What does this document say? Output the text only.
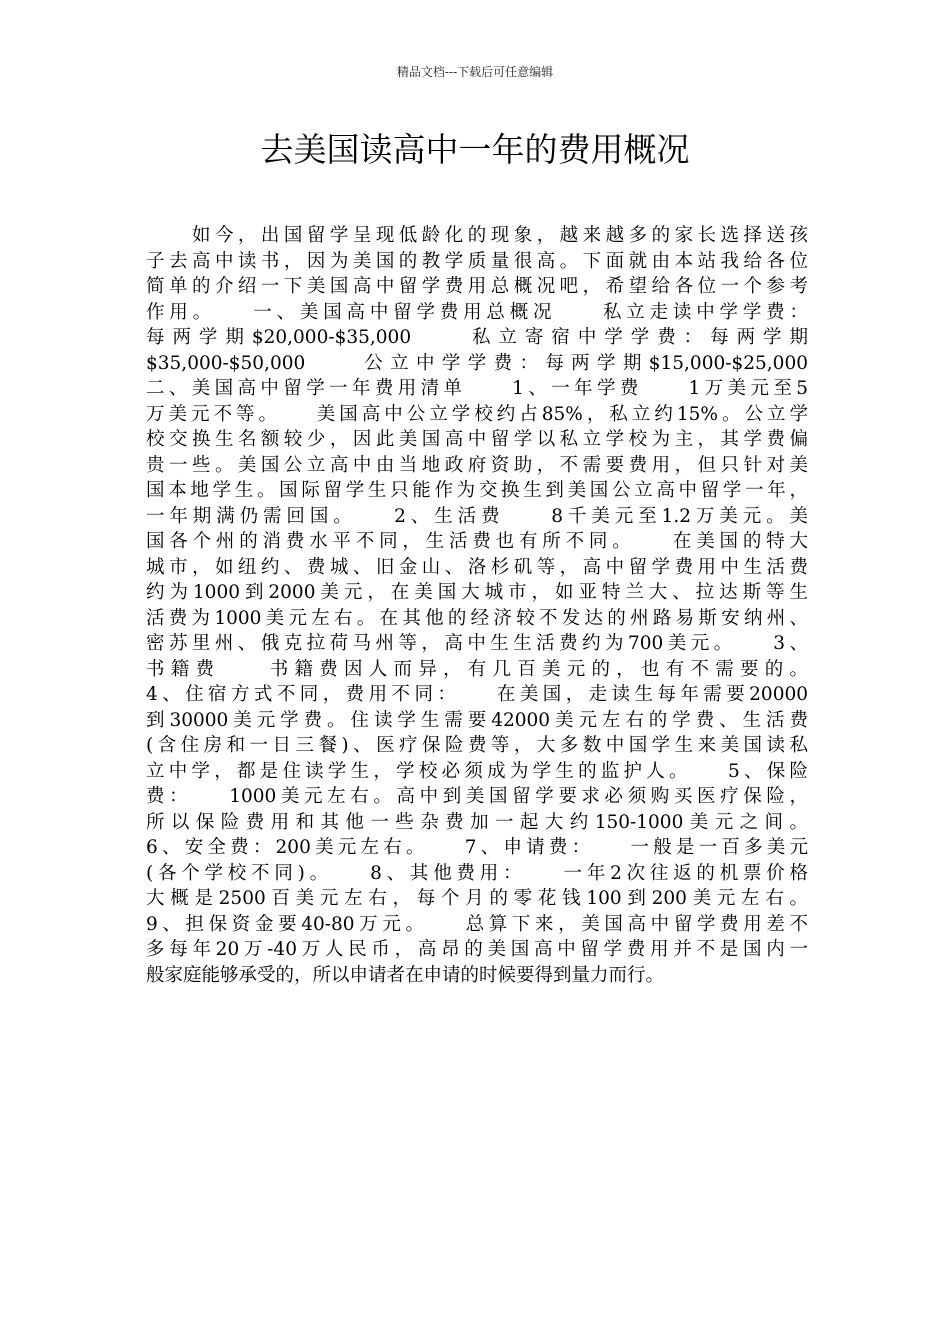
精品文档---下载后可任意编辑
去美国读高中一年的费用概况
　　如今，出国留学呈现低龄化的现象，越来越多的家长选择送孩
子去高中读书，因为美国的教学质量很高。下面就由本站我给各位
简单的介绍一下美国高中留学费用总概况吧，希望给各位一个参考
作用。　　一、美国高中留学费用总概况　　私立走读中学学费：
每两学期$20,000-$35,000　　私立寄宿中学学费：每两学期
$35,000-$50,000　　公立中学学费：每两学期$15,000-$25,000
二、美国高中留学一年费用清单　　1、一年学费　　1万美元至5
万美元不等。　　美国高中公立学校约占85%，私立约15%。公立学
校交换生名额较少，因此美国高中留学以私立学校为主，其学费偏
贵一些。美国公立高中由当地政府资助，不需要费用，但只针对美
国本地学生。国际留学生只能作为交换生到美国公立高中留学一年，
一年期满仍需回国。　　2、生活费　　8千美元至1.2万美元。美
国各个州的消费水平不同，生活费也有所不同。　　在美国的特大
城市，如纽约、费城、旧金山、洛杉矶等，高中留学费用中生活费
约为1000到2000美元，在美国大城市，如亚特兰大、拉达斯等生
活费为1000美元左右。在其他的经济较不发达的州路易斯安纳州、
密苏里州、俄克拉荷马州等，高中生生活费约为700美元。　　3、
书籍费　　书籍费因人而异，有几百美元的，也有不需要的。
4、住宿方式不同，费用不同：　　在美国，走读生每年需要20000
到30000美元学费。住读学生需要42000美元左右的学费、生活费
(含住房和一日三餐)、医疗保险费等，大多数中国学生来美国读私
立中学，都是住读学生，学校必须成为学生的监护人。　　5、保险
费：　　1000美元左右。高中到美国留学要求必须购买医疗保险，
所以保险费用和其他一些杂费加一起大约150-1000美元之间。
6、安全费：200美元左右。　　7、申请费：　　一般是一百多美元
(各个学校不同)。　　8、其他费用：　　一年2次往返的机票价格
大概是2500百美元左右，每个月的零花钱100到200美元左右。
9、担保资金要40-80万元。　　总算下来，美国高中留学费用差不
多每年20万-40万人民币，高昂的美国高中留学费用并不是国内一
般家庭能够承受的，所以申请者在申请的时候要得到量力而行。
